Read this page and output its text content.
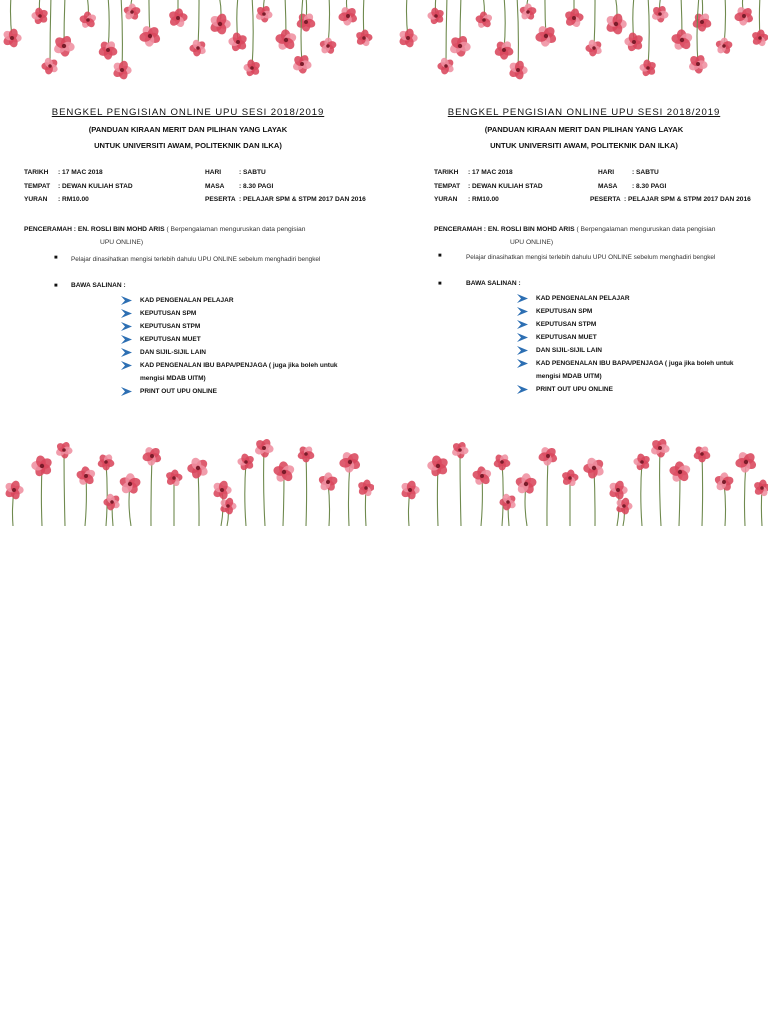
BENGKEL PENGISIAN ONLINE UPU SESI 2018/2019
(PANDUAN KIRAAN MERIT DAN PILIHAN YANG LAYAK
UNTUK UNIVERSITI AWAM, POLITEKNIK DAN ILKA)
TARIKH : 17 MAC 2018	HARI	: SABTU
TEMPAT : DEWAN KULIAH STAD	MASA : 8.30 PAGI
YURAN : RM10.00	PESERTA : PELAJAR SPM & STPM 2017 DAN 2016
PENCERAMAH : EN. ROSLI BIN MOHD ARIS ( Berpengalaman menguruskan data pengisian
UPU ONLINE)
■ Pelajar dinasihatkan mengisi terlebih dahulu UPU ONLINE sebelum menghadiri bengkel
■ BAWA SALINAN :
KAD PENGENALAN PELAJAR
KEPUTUSAN SPM
KEPUTUSAN STPM
KEPUTUSAN MUET
DAN SIJIL-SIJIL LAIN
KAD PENGENALAN IBU BAPA/PENJAGA ( juga jika boleh untuk
mengisi MDAB UITM)
PRINT OUT UPU ONLINE
BENGKEL PENGISIAN ONLINE UPU SESI 2018/2019
(PANDUAN KIRAAN MERIT DAN PILIHAN YANG LAYAK
UNTUK UNIVERSITI AWAM, POLITEKNIK DAN ILKA)
TARIKH : 17 MAC 2018	HARI	: SABTU
TEMPAT : DEWAN KULIAH STAD	MASA : 8.30 PAGI
YURAN : RM10.00	PESERTA : PELAJAR SPM & STPM 2017 DAN 2016
PENCERAMAH : EN. ROSLI BIN MOHD ARIS ( Berpengalaman menguruskan data pengisian
UPU ONLINE)
■	Pelajar dinasihatkan mengisi terlebih dahulu UPU ONLINE sebelum menghadiri bengkel
■	BAWA SALINAN :
KAD PENGENALAN PELAJAR
KEPUTUSAN SPM
KEPUTUSAN STPM
KEPUTUSAN MUET
DAN SIJIL-SIJIL LAIN
KAD PENGENALAN IBU BAPA/PENJAGA ( juga jika boleh untuk
mengisi MDAB UITM)
PRINT OUT UPU ONLINE
